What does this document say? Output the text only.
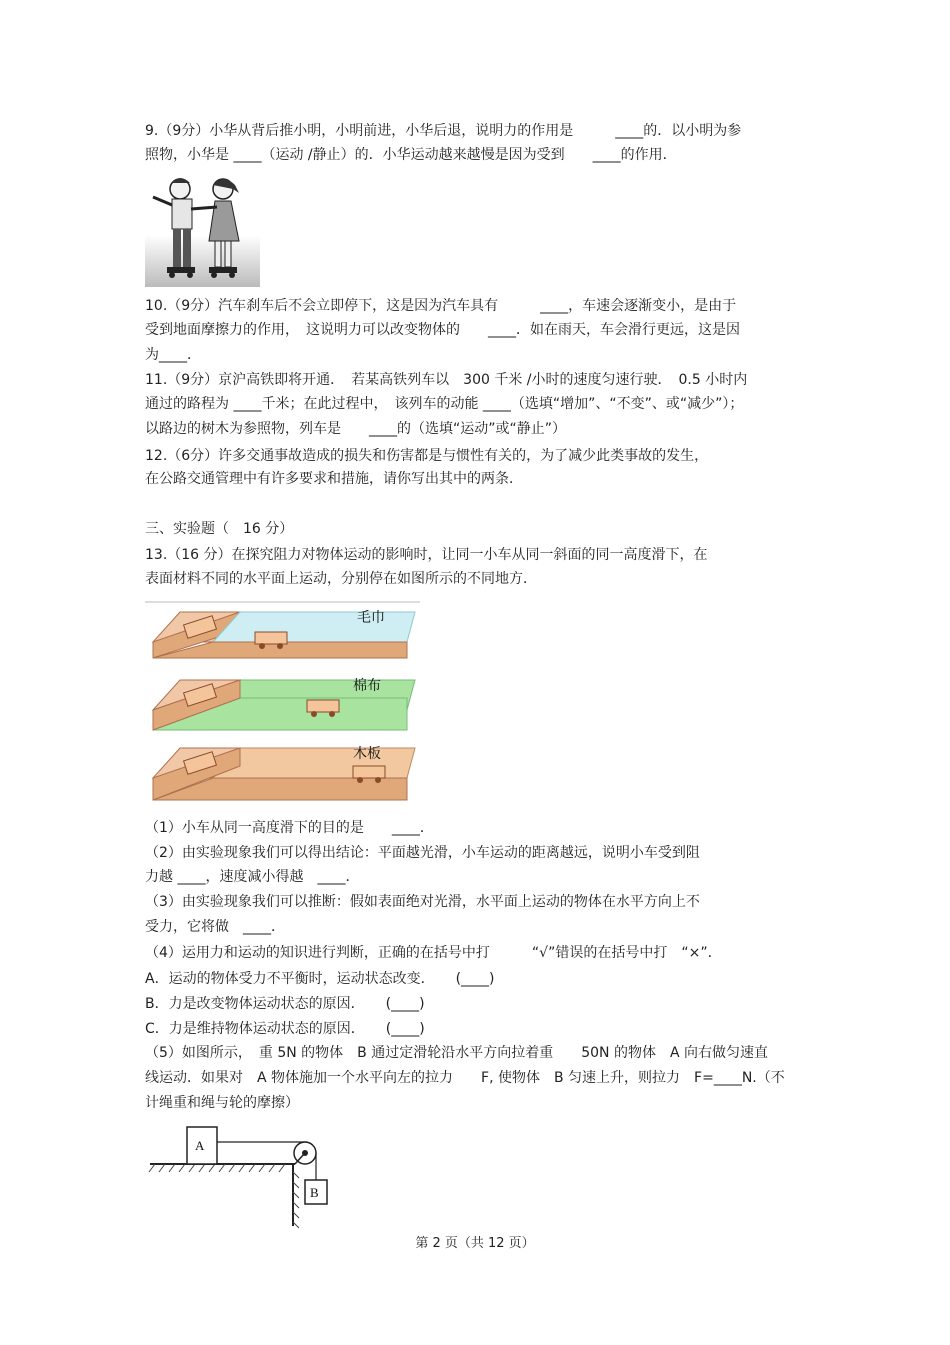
9.（9分）小华从背后推小明，小明前进，小华后退，说明力的作用是　　　____的．以小明为参
照物，小华是 ____（运动 /静止）的．小华运动越来越慢是因为受到　　____的作用．
10.（9分）汽车刹车后不会立即停下，这是因为汽车具有　　　____，车速会逐渐变小，是由于
受到地面摩擦力的作用，　这说明力可以改变物体的　　____．如在雨天，车会滑行更远，这是因
为____．
11.（9分）京沪高铁即将开通．　若某高铁列车以　300 千米 /小时的速度匀速行驶．　0.5 小时内
通过的路程为 ____千米；在此过程中，　该列车的动能 ____（选填“增加”、“不变”、或“减少”）；
以路边的树木为参照物，列车是　　____的（选填“运动”或“静止”）
12.（6分）许多交通事故造成的损失和伤害都是与惯性有关的，为了减少此类事故的发生，
在公路交通管理中有许多要求和措施，请你写出其中的两条．
三、实验题（　16 分）
13.（16 分）在探究阻力对物体运动的影响时，让同一小车从同一斜面的同一高度滑下，在
表面材料不同的水平面上运动，分别停在如图所示的不同地方．
毛巾
棉布
木板
（1）小车从同一高度滑下的目的是　　____．
（2）由实验现象我们可以得出结论：平面越光滑，小车运动的距离越远，说明小车受到阻
力越 ____，速度减小得越　____．
（3）由实验现象我们可以推断：假如表面绝对光滑，水平面上运动的物体在水平方向上不
受力，它将做　____．
（4）运用力和运动的知识进行判断，正确的在括号中打　　　“√”错误的在括号中打　“×”．
A．运动的物体受力不平衡时，运动状态改变．　　(____)
B．力是改变物体运动状态的原因．　　(____)
C．力是维持物体运动状态的原因．　　(____)
（5）如图所示，　重 5N 的物体　B 通过定滑轮沿水平方向拉着重　　50N 的物体　A 向右做匀速直
线运动．如果对　A 物体施加一个水平向左的拉力　　F, 使物体　B 匀速上升，则拉力　F=____N.（不
计绳重和绳与轮的摩擦）
A
B
第 2 页（共 12 页）
